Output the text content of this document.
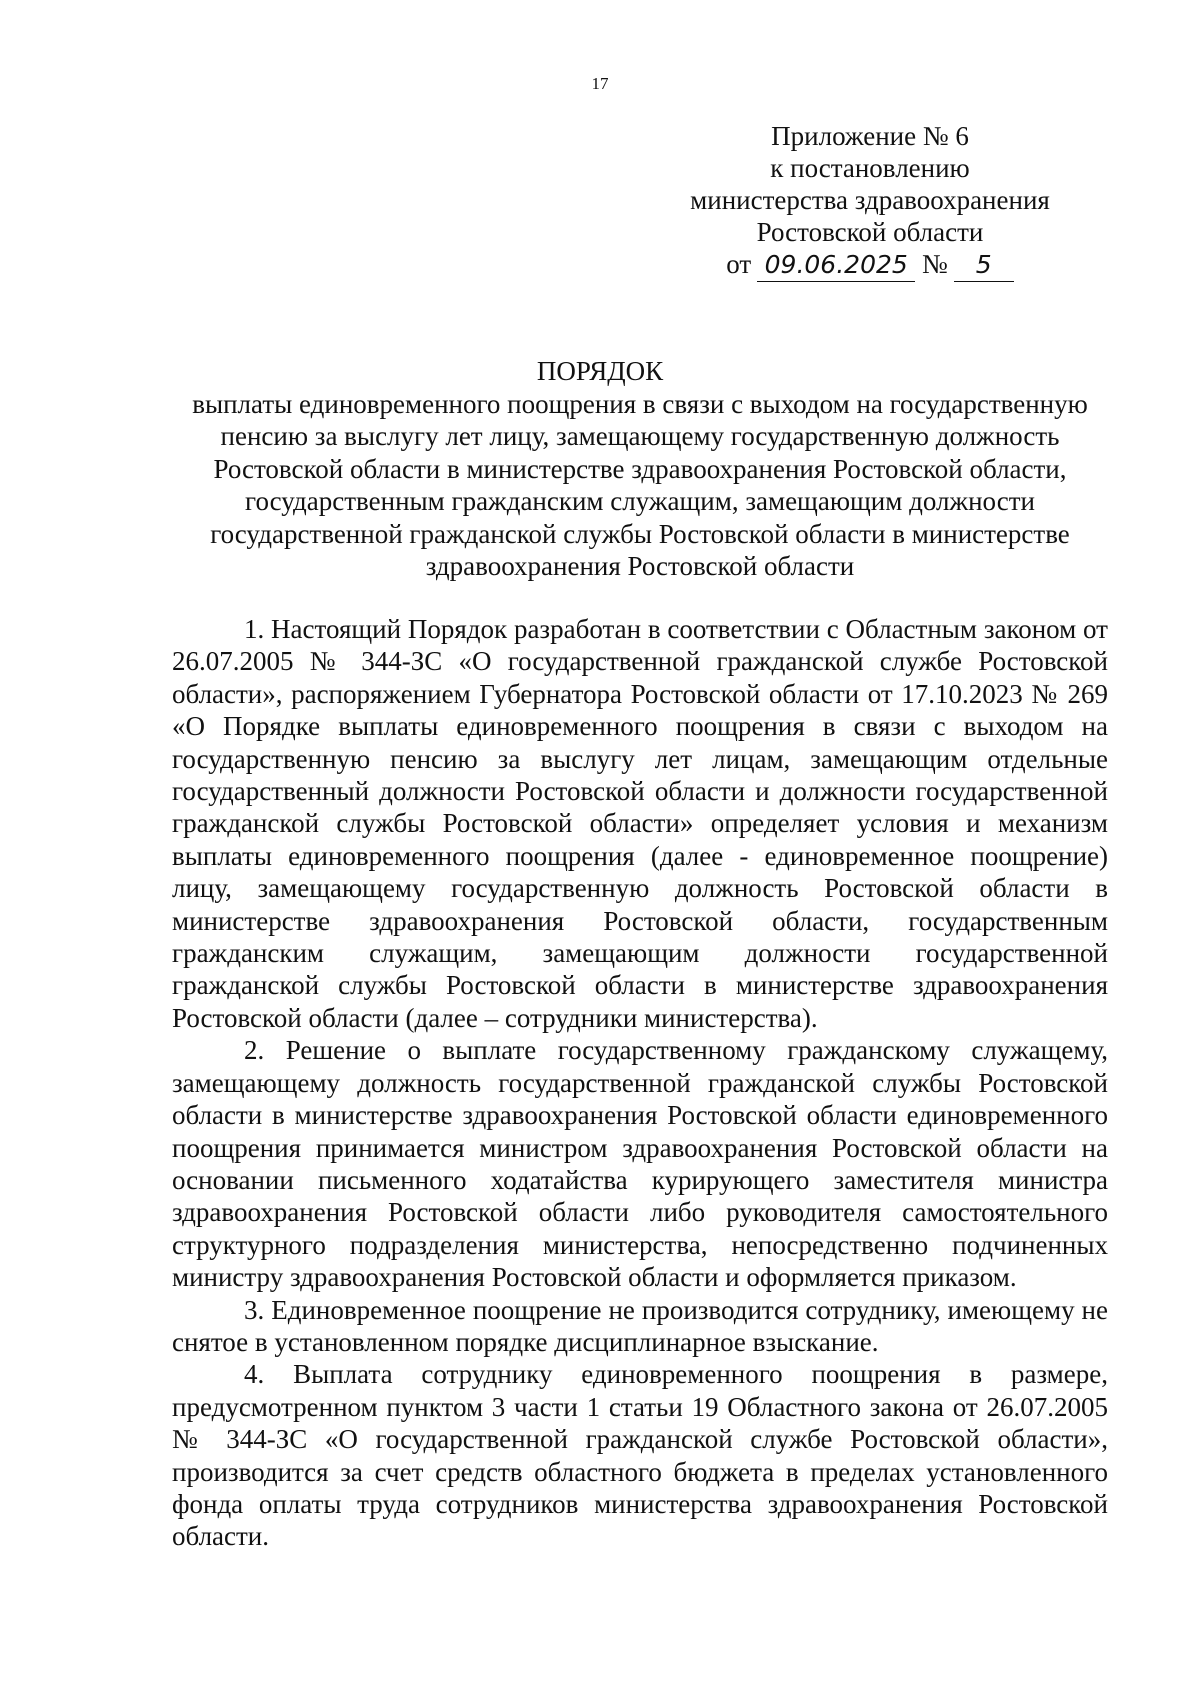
17
Приложение № 6
к постановлению
министерства здравоохранения
Ростовской области
от 09.06.2025 № 5
ПОРЯДОК
выплаты единовременного поощрения в связи с выходом на государственную пенсию за выслугу лет лицу, замещающему государственную должность Ростовской области в министерстве здравоохранения Ростовской области, государственным гражданским служащим, замещающим должности государственной гражданской службы Ростовской области в министерстве здравоохранения Ростовской области

1. Настоящий Порядок разработан в соответствии с Областным законом от 26.07.2005 № 344-ЗС «О государственной гражданской службе Ростовской области», распоряжением Губернатора Ростовской области от 17.10.2023 № 269 «О Порядке выплаты единовременного поощрения в связи с выходом на государственную пенсию за выслугу лет лицам, замещающим отдельные государственный должности Ростовской области и должности государственной гражданской службы Ростовской области» определяет условия и механизм выплаты единовременного поощрения (далее - единовременное поощрение) лицу, замещающему государственную должность Ростовской области в министерстве здравоохранения Ростовской области, государственным гражданским служащим, замещающим должности государственной гражданской службы Ростовской области в министерстве здравоохранения Ростовской области (далее – сотрудники министерства).

2. Решение о выплате государственному гражданскому служащему, замещающему должность государственной гражданской службы Ростовской области в министерстве здравоохранения Ростовской области единовременного поощрения принимается министром здравоохранения Ростовской области на основании письменного ходатайства курирующего заместителя министра здравоохранения Ростовской области либо руководителя самостоятельного структурного подразделения министерства, непосредственно подчиненных министру здравоохранения Ростовской области и оформляется приказом.

3. Единовременное поощрение не производится сотруднику, имеющему не снятое в установленном порядке дисциплинарное взыскание.

4. Выплата сотруднику единовременного поощрения в размере, предусмотренном пунктом 3 части 1 статьи 19 Областного закона от 26.07.2005 № 344-ЗС «О государственной гражданской службе Ростовской области», производится за счет средств областного бюджета в пределах установленного фонда оплаты труда сотрудников министерства здравоохранения Ростовской области.
